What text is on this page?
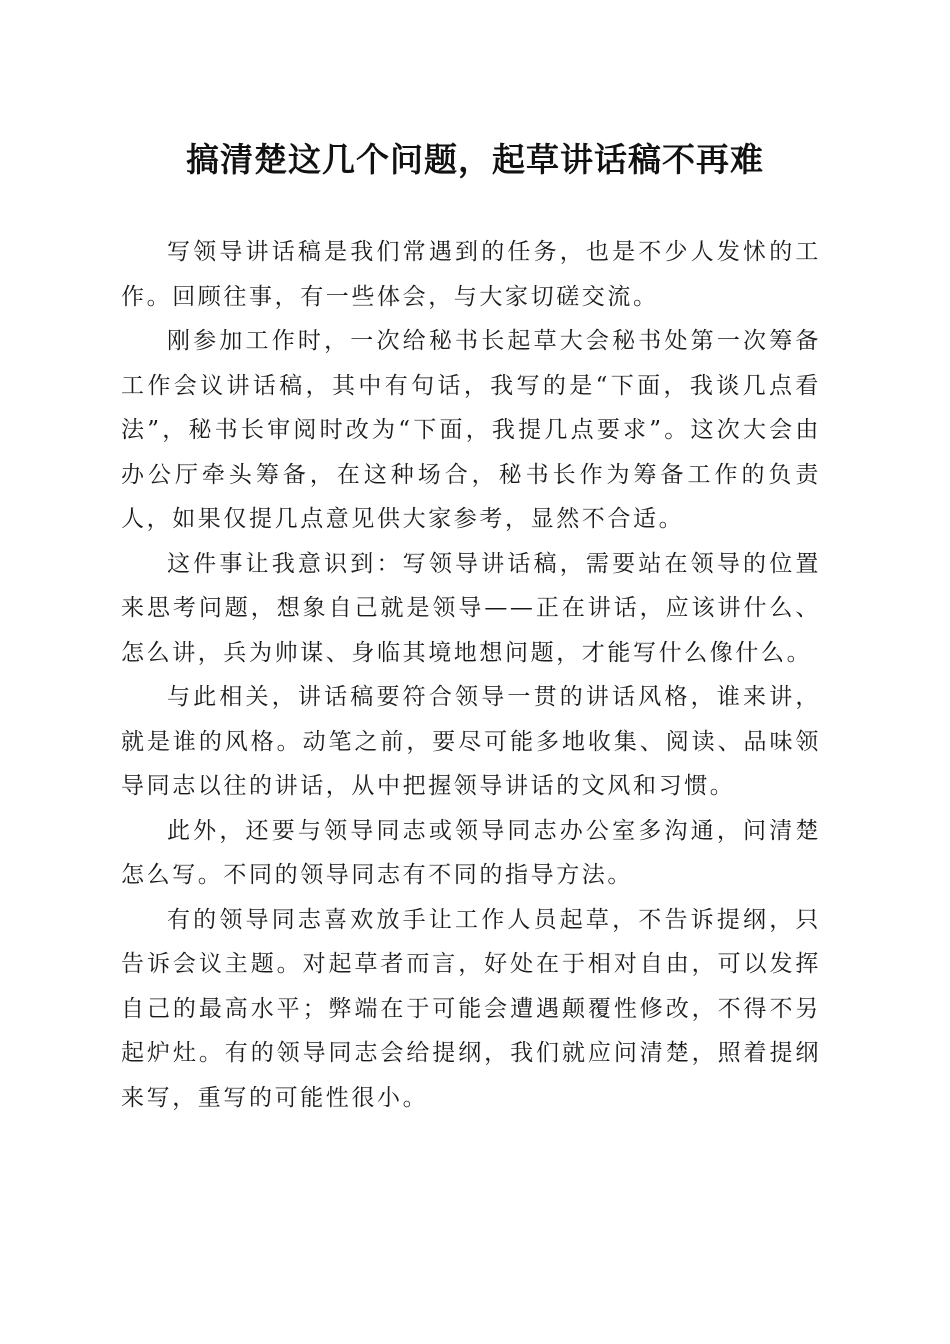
搞清楚这几个问题，起草讲话稿不再难

写领导讲话稿是我们常遇到的任务，也是不少人发怵的工作。回顾往事，有一些体会，与大家切磋交流。

刚参加工作时，一次给秘书长起草大会秘书处第一次筹备工作会议讲话稿，其中有句话，我写的是“下面，我谈几点看法”，秘书长审阅时改为“下面，我提几点要求”。这次大会由办公厅牵头筹备，在这种场合，秘书长作为筹备工作的负责人，如果仅提几点意见供大家参考，显然不合适。

这件事让我意识到：写领导讲话稿，需要站在领导的位置来思考问题，想象自己就是领导——正在讲话，应该讲什么、怎么讲，兵为帅谋、身临其境地想问题，才能写什么像什么。

与此相关，讲话稿要符合领导一贯的讲话风格，谁来讲，就是谁的风格。动笔之前，要尽可能多地收集、阅读、品味领导同志以往的讲话，从中把握领导讲话的文风和习惯。

此外，还要与领导同志或领导同志办公室多沟通，问清楚怎么写。不同的领导同志有不同的指导方法。

有的领导同志喜欢放手让工作人员起草，不告诉提纲，只告诉会议主题。对起草者而言，好处在于相对自由，可以发挥自己的最高水平；弊端在于可能会遭遇颠覆性修改，不得不另起炉灶。有的领导同志会给提纲，我们就应问清楚，照着提纲来写，重写的可能性很小。
